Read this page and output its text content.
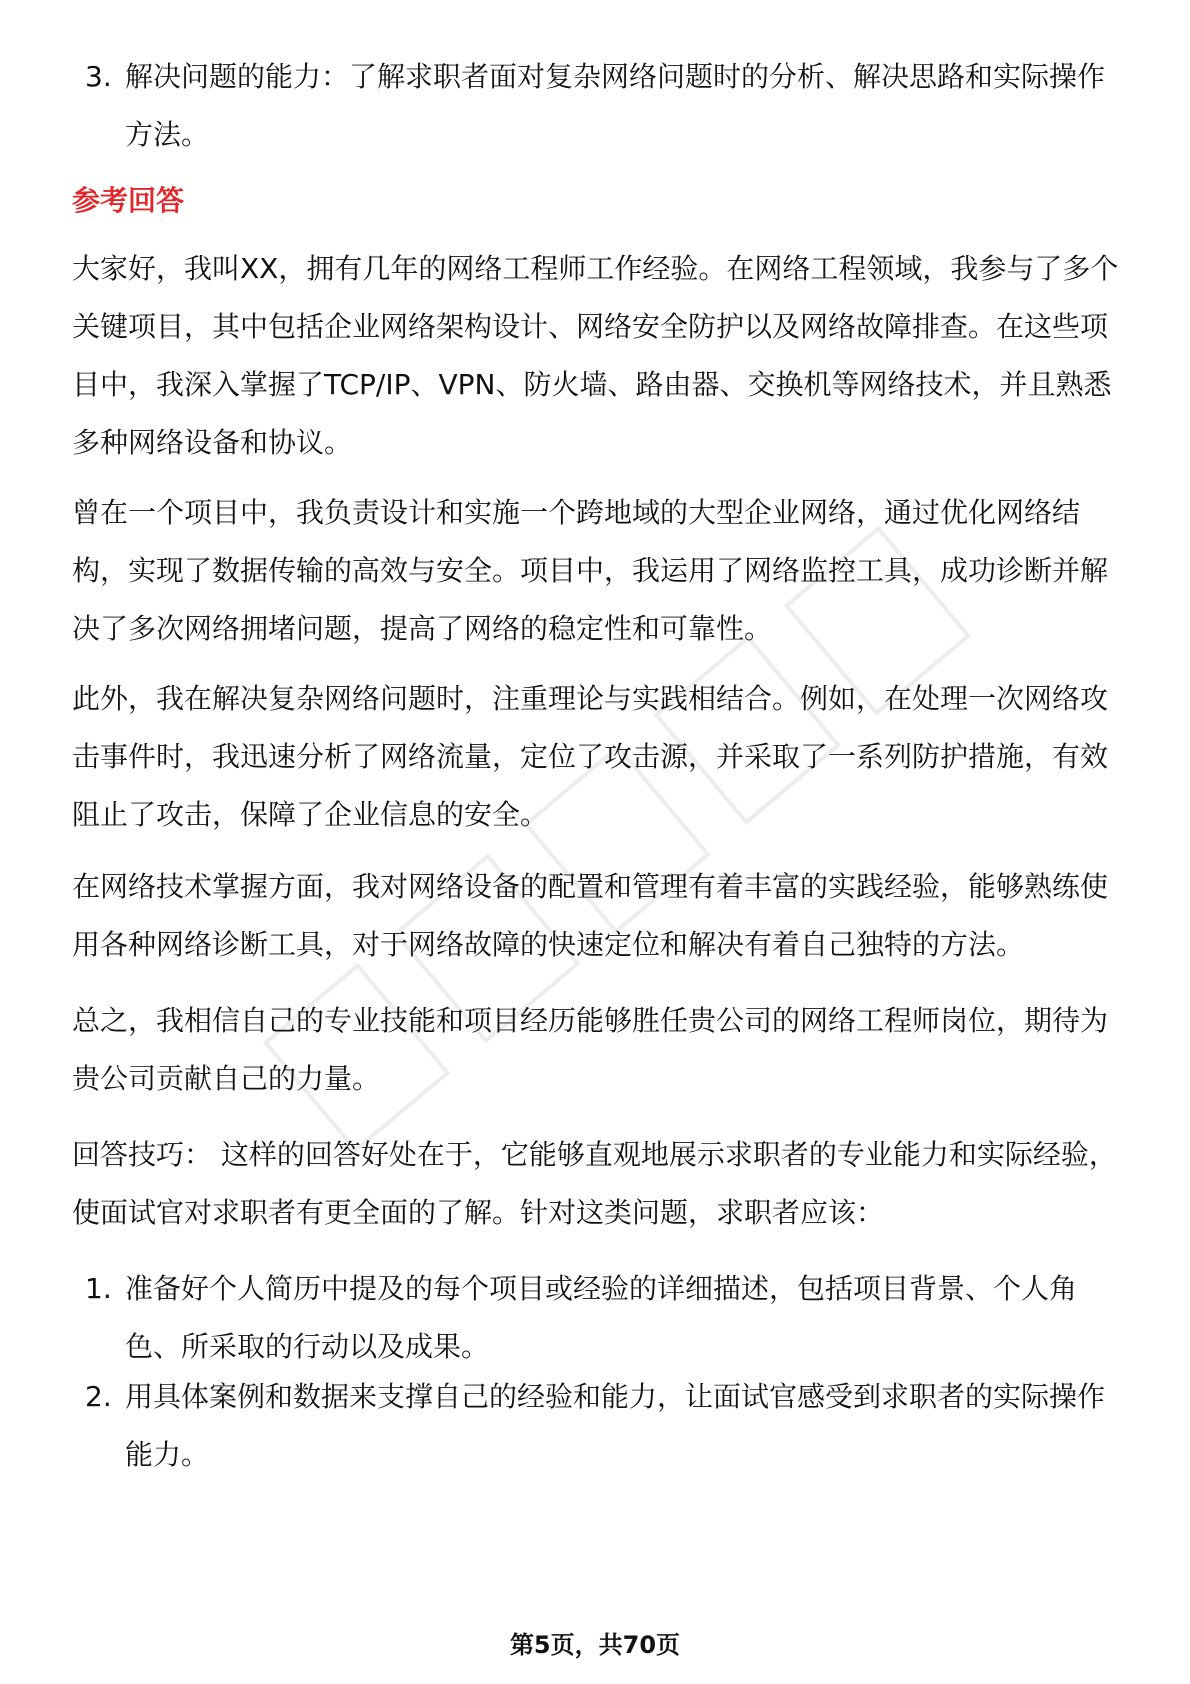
3. 解决问题的能力：了解求职者面对复杂网络问题时的分析、解决思路和实际操作方法。
参考回答
大家好，我叫XX，拥有几年的网络工程师工作经验。在网络工程领域，我参与了多个关键项目，其中包括企业网络架构设计、网络安全防护以及网络故障排查。在这些项目中，我深入掌握了TCP/IP、VPN、防火墙、路由器、交换机等网络技术，并且熟悉多种网络设备和协议。
曾在一个项目中，我负责设计和实施一个跨地域的大型企业网络，通过优化网络结构，实现了数据传输的高效与安全。项目中，我运用了网络监控工具，成功诊断并解决了多次网络拥堵问题，提高了网络的稳定性和可靠性。
此外，我在解决复杂网络问题时，注重理论与实践相结合。例如，在处理一次网络攻击事件时，我迅速分析了网络流量，定位了攻击源，并采取了一系列防护措施，有效阻止了攻击，保障了企业信息的安全。
在网络技术掌握方面，我对网络设备的配置和管理有着丰富的实践经验，能够熟练使用各种网络诊断工具，对于网络故障的快速定位和解决有着自己独特的方法。
总之，我相信自己的专业技能和项目经历能够胜任贵公司的网络工程师岗位，期待为贵公司贡献自己的力量。
回答技巧： 这样的回答好处在于，它能够直观地展示求职者的专业能力和实际经验，使面试官对求职者有更全面的了解。针对这类问题，求职者应该：
1. 准备好个人简历中提及的每个项目或经验的详细描述，包括项目背景、个人角色、所采取的行动以及成果。
2. 用具体案例和数据来支撑自己的经验和能力，让面试官感受到求职者的实际操作能力。
第5页，共70页
